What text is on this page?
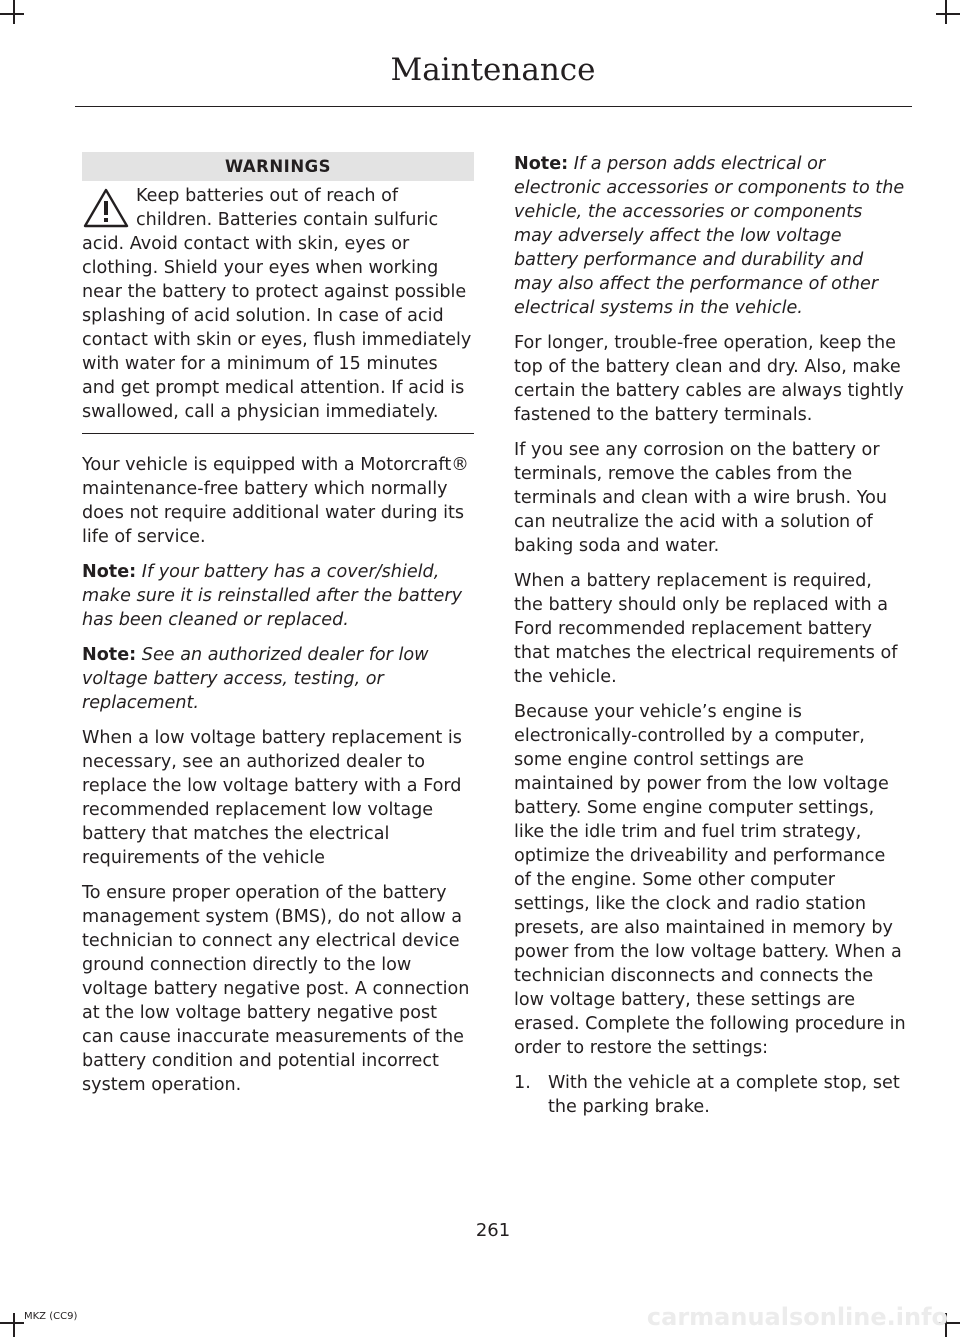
Maintenance
WARNINGS
Keep batteries out of reach of children. Batteries contain sulfuric acid. Avoid contact with skin, eyes or clothing. Shield your eyes when working near the battery to protect against possible splashing of acid solution. In case of acid contact with skin or eyes, flush immediately with water for a minimum of 15 minutes and get prompt medical attention. If acid is swallowed, call a physician immediately.

Your vehicle is equipped with a Motorcraft® maintenance-free battery which normally does not require additional water during its life of service.

Note: If your battery has a cover/shield, make sure it is reinstalled after the battery has been cleaned or replaced.

Note: See an authorized dealer for low voltage battery access, testing, or replacement.

When a low voltage battery replacement is necessary, see an authorized dealer to replace the low voltage battery with a Ford recommended replacement low voltage battery that matches the electrical requirements of the vehicle

To ensure proper operation of the battery management system (BMS), do not allow a technician to connect any electrical device ground connection directly to the low voltage battery negative post. A connection at the low voltage battery negative post can cause inaccurate measurements of the battery condition and potential incorrect system operation.

Note: If a person adds electrical or electronic accessories or components to the vehicle, the accessories or components may adversely affect the low voltage battery performance and durability and may also affect the performance of other electrical systems in the vehicle.

For longer, trouble-free operation, keep the top of the battery clean and dry. Also, make certain the battery cables are always tightly fastened to the battery terminals.

If you see any corrosion on the battery or terminals, remove the cables from the terminals and clean with a wire brush. You can neutralize the acid with a solution of baking soda and water.

When a battery replacement is required, the battery should only be replaced with a Ford recommended replacement battery that matches the electrical requirements of the vehicle.

Because your vehicle’s engine is electronically-controlled by a computer, some engine control settings are maintained by power from the low voltage battery. Some engine computer settings, like the idle trim and fuel trim strategy, optimize the driveability and performance of the engine. Some other computer settings, like the clock and radio station presets, are also maintained in memory by power from the low voltage battery. When a technician disconnects and connects the low voltage battery, these settings are erased. Complete the following procedure in order to restore the settings:

1. With the vehicle at a complete stop, set the parking brake.

261
MKZ (CC9)	carmanualsonline.info
